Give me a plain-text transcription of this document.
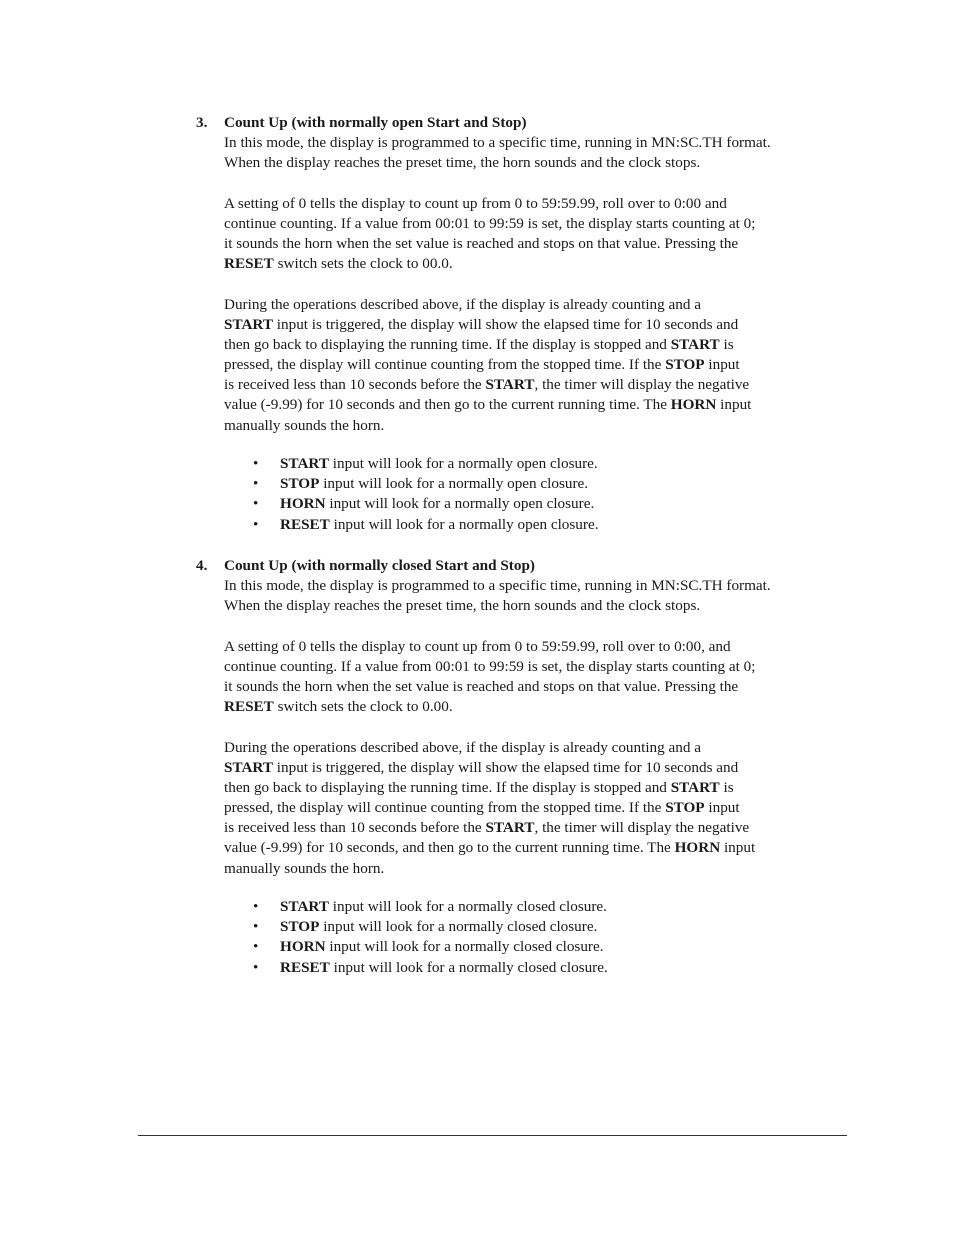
3. Count Up (with normally open Start and Stop)
In this mode, the display is programmed to a specific time, running in MN:SC.TH format.
When the display reaches the preset time, the horn sounds and the clock stops.
A setting of 0 tells the display to count up from 0 to 59:59.99, roll over to 0:00 and
continue counting. If a value from 00:01 to 99:59 is set, the display starts counting at 0;
it sounds the horn when the set value is reached and stops on that value. Pressing the
RESET switch sets the clock to 00.0.
During the operations described above, if the display is already counting and a
START input is triggered, the display will show the elapsed time for 10 seconds and
then go back to displaying the running time. If the display is stopped and START is
pressed, the display will continue counting from the stopped time. If the STOP input
is received less than 10 seconds before the START, the timer will display the negative
value (-9.99) for 10 seconds and then go to the current running time. The HORN input
manually sounds the horn.
• START input will look for a normally open closure.
• STOP input will look for a normally open closure.
• HORN input will look for a normally open closure.
• RESET input will look for a normally open closure.
4. Count Up (with normally closed Start and Stop)
In this mode, the display is programmed to a specific time, running in MN:SC.TH format.
When the display reaches the preset time, the horn sounds and the clock stops.
A setting of 0 tells the display to count up from 0 to 59:59.99, roll over to 0:00, and
continue counting. If a value from 00:01 to 99:59 is set, the display starts counting at 0;
it sounds the horn when the set value is reached and stops on that value. Pressing the
RESET switch sets the clock to 0.00.
During the operations described above, if the display is already counting and a
START input is triggered, the display will show the elapsed time for 10 seconds and
then go back to displaying the running time. If the display is stopped and START is
pressed, the display will continue counting from the stopped time. If the STOP input
is received less than 10 seconds before the START, the timer will display the negative
value (-9.99) for 10 seconds, and then go to the current running time. The HORN input
manually sounds the horn.
• START input will look for a normally closed closure.
• STOP input will look for a normally closed closure.
• HORN input will look for a normally closed closure.
• RESET input will look for a normally closed closure.
